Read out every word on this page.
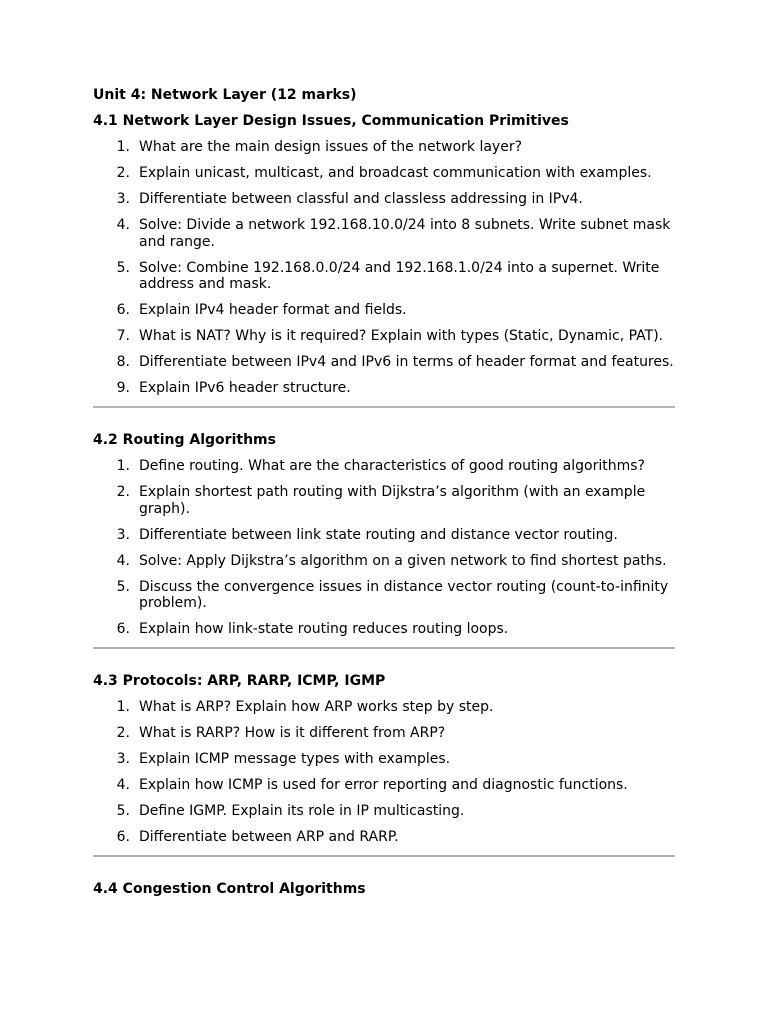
Unit 4: Network Layer (12 marks)
4.1 Network Layer Design Issues, Communication Primitives
1. What are the main design issues of the network layer?
2. Explain unicast, multicast, and broadcast communication with examples.
3. Differentiate between classful and classless addressing in IPv4.
4. Solve: Divide a network 192.168.10.0/24 into 8 subnets. Write subnet mask and range.
5. Solve: Combine 192.168.0.0/24 and 192.168.1.0/24 into a supernet. Write address and mask.
6. Explain IPv4 header format and fields.
7. What is NAT? Why is it required? Explain with types (Static, Dynamic, PAT).
8. Differentiate between IPv4 and IPv6 in terms of header format and features.
9. Explain IPv6 header structure.
4.2 Routing Algorithms
1. Define routing. What are the characteristics of good routing algorithms?
2. Explain shortest path routing with Dijkstra’s algorithm (with an example graph).
3. Differentiate between link state routing and distance vector routing.
4. Solve: Apply Dijkstra’s algorithm on a given network to find shortest paths.
5. Discuss the convergence issues in distance vector routing (count-to-infinity problem).
6. Explain how link-state routing reduces routing loops.
4.3 Protocols: ARP, RARP, ICMP, IGMP
1. What is ARP? Explain how ARP works step by step.
2. What is RARP? How is it different from ARP?
3. Explain ICMP message types with examples.
4. Explain how ICMP is used for error reporting and diagnostic functions.
5. Define IGMP. Explain its role in IP multicasting.
6. Differentiate between ARP and RARP.
4.4 Congestion Control Algorithms
